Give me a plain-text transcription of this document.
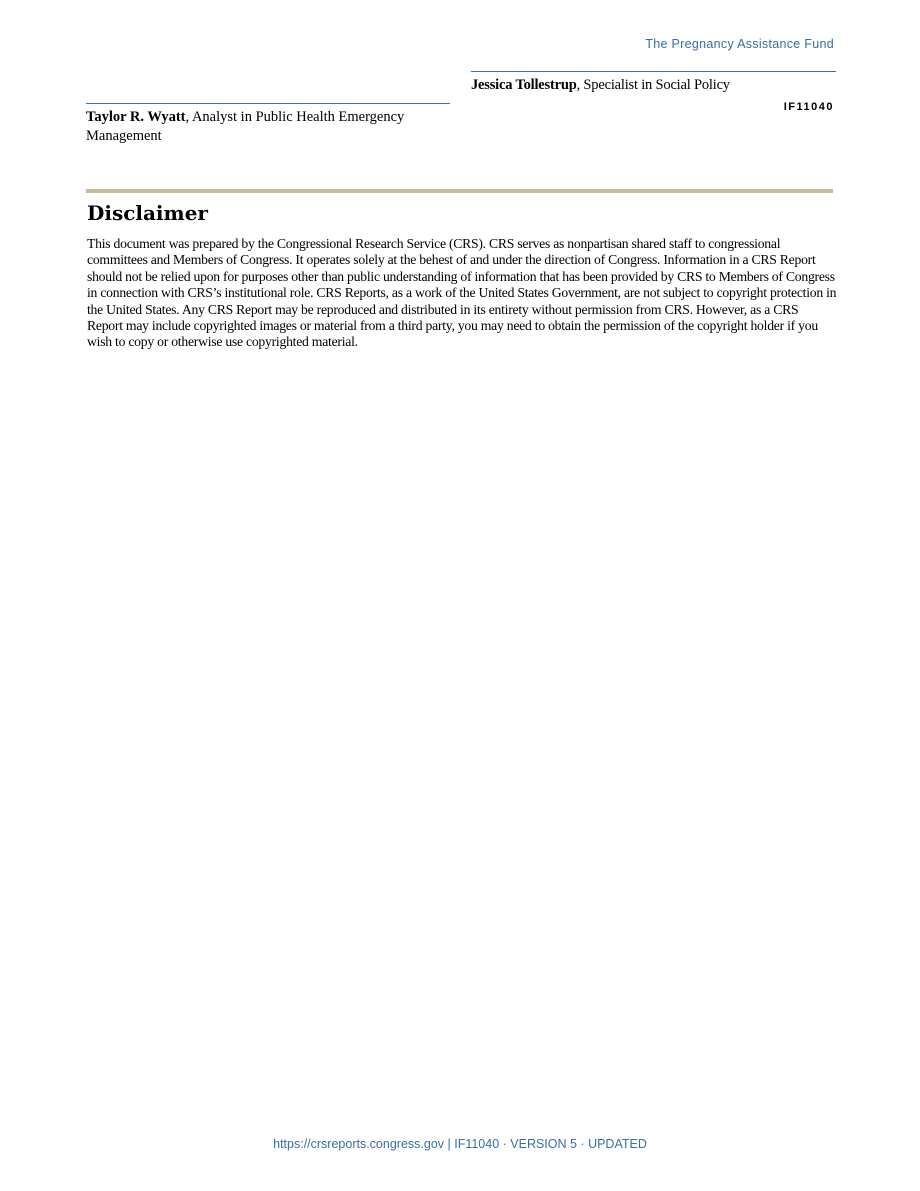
The Pregnancy Assistance Fund
Jessica Tollestrup, Specialist in Social Policy
IF11040
Taylor R. Wyatt, Analyst in Public Health Emergency Management
Disclaimer

This document was prepared by the Congressional Research Service (CRS). CRS serves as nonpartisan shared staff to congressional committees and Members of Congress. It operates solely at the behest of and under the direction of Congress. Information in a CRS Report should not be relied upon for purposes other than public understanding of information that has been provided by CRS to Members of Congress in connection with CRS’s institutional role. CRS Reports, as a work of the United States Government, are not subject to copyright protection in the United States. Any CRS Report may be reproduced and distributed in its entirety without permission from CRS. However, as a CRS Report may include copyrighted images or material from a third party, you may need to obtain the permission of the copyright holder if you wish to copy or otherwise use copyrighted material.

https://crsreports.congress.gov | IF11040 · VERSION 5 · UPDATED
